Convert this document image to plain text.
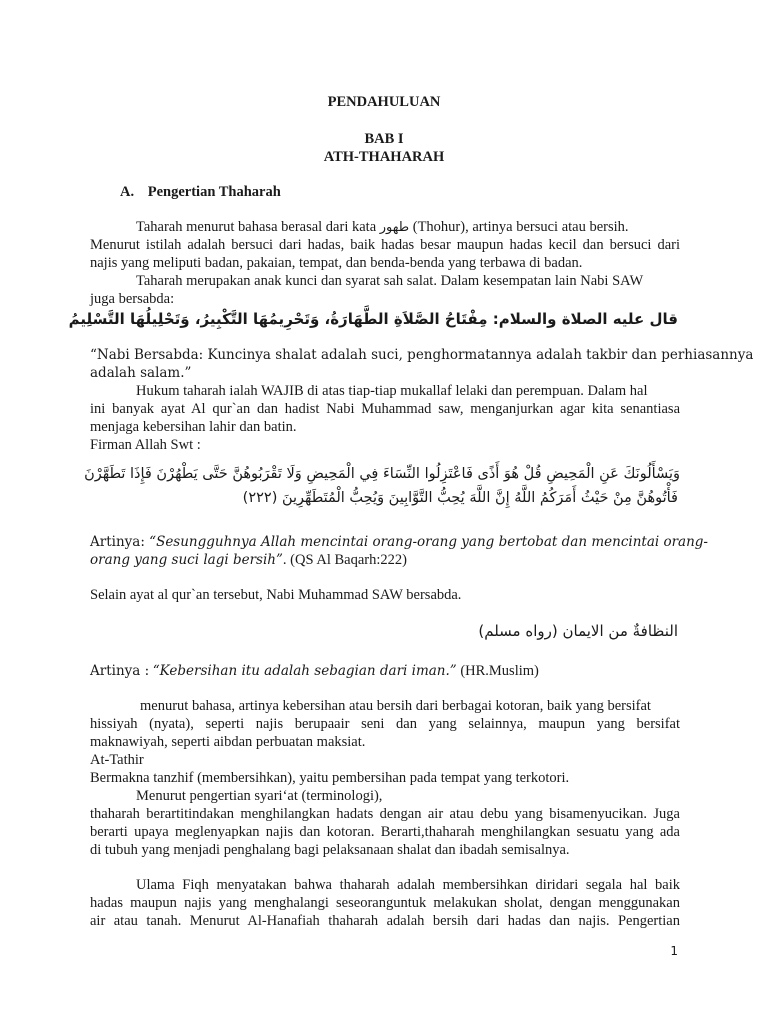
PENDAHULUAN
BAB I
ATH-THAHARAH
A. Pengertian Thaharah
Taharah menurut bahasa berasal dari kata طهور (Thohur), artinya bersuci atau bersih.
Menurut istilah adalah bersuci dari hadas, baik hadas besar maupun hadas kecil dan bersuci dari
najis yang meliputi badan, pakaian, tempat, dan benda-benda yang terbawa di badan.
Taharah merupakan anak kunci dan syarat sah salat. Dalam kesempatan lain Nabi SAW
juga bersabda:
قال عليه الصلاة والسلام: مِفْتَاحُ الصَّلاَةِ الطَّهَارَةُ، وَتَحْرِيمُهَا التَّكْبِيرُ، وَتَحْلِيلُهَا التَّسْلِيمُ
“Nabi Bersabda: Kuncinya shalat adalah suci, penghormatannya adalah takbir dan perhiasannya
adalah salam.”
Hukum taharah ialah WAJIB di atas tiap-tiap mukallaf lelaki dan perempuan. Dalam hal
ini banyak ayat Al qur`an dan hadist Nabi Muhammad saw, menganjurkan agar kita senantiasa
menjaga kebersihan lahir dan batin.
Firman Allah Swt :
وَيَسْأَلُونَكَ عَنِ الْمَحِيضِ قُلْ هُوَ أَذًى فَاعْتَزِلُوا النِّسَاءَ فِي الْمَحِيضِ وَلَا تَقْرَبُوهُنَّ حَتَّى يَطْهُرْنَ فَإِذَا تَطَهَّرْنَ
فَأْتُوهُنَّ مِنْ حَيْثُ أَمَرَكُمُ اللَّهُ إِنَّ اللَّهَ يُحِبُّ التَّوَّابِينَ وَيُحِبُّ الْمُتَطَهِّرِينَ (٢٢٢)
Artinya: “Sesungguhnya Allah mencintai orang-orang yang bertobat dan mencintai orang-
orang yang suci lagi bersih”. (QS Al Baqarh:222)
Selain ayat al qur`an tersebut, Nabi Muhammad SAW bersabda.
النظافةٌ من الايمان (رواه مسلم)
Artinya : “Kebersihan itu adalah sebagian dari iman.” (HR.Muslim)
menurut bahasa, artinya kebersihan atau bersih dari berbagai kotoran, baik yang bersifat
hissiyah (nyata), seperti najis berupaair seni dan yang selainnya, maupun yang bersifat
maknawiyah, seperti aibdan perbuatan maksiat.
At-Tathir
Bermakna tanzhif (membersihkan), yaitu pembersihan pada tempat yang terkotori.
Menurut pengertian syari‘at (terminologi),
thaharah berartitindakan menghilangkan hadats dengan air atau debu yang bisamenyucikan. Juga
berarti upaya meglenyapkan najis dan kotoran. Berarti,thaharah menghilangkan sesuatu yang ada
di tubuh yang menjadi penghalang bagi pelaksanaan shalat dan ibadah semisalnya.
Ulama Fiqh menyatakan bahwa thaharah adalah membersihkan diridari segala hal baik
hadas maupun najis yang menghalangi seseoranguntuk melakukan sholat, dengan menggunakan
air atau tanah. Menurut Al-Hanafiah thaharah adalah bersih dari hadas dan najis. Pengertian
1
